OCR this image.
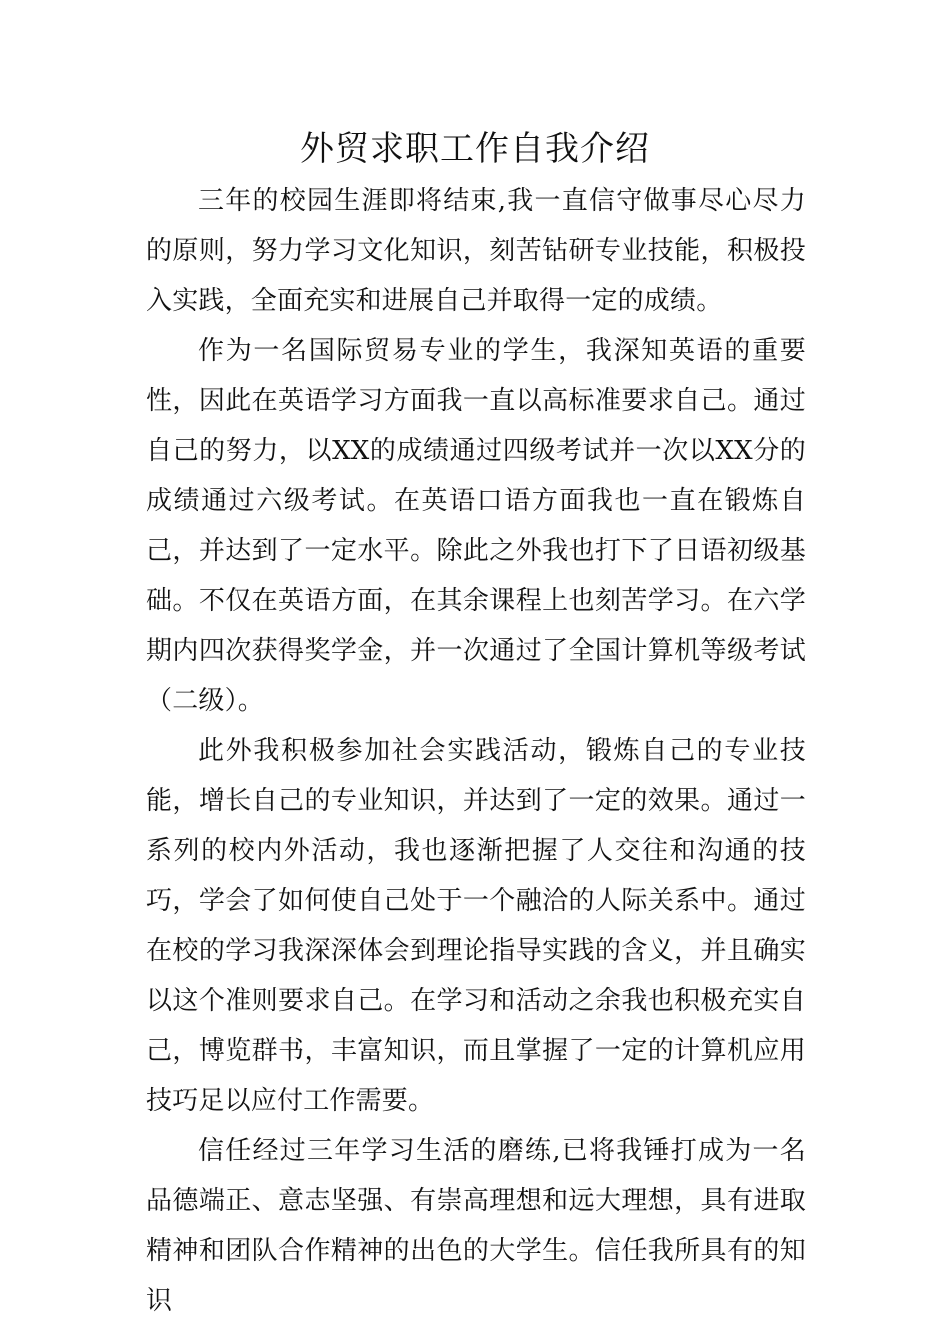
外贸求职工作自我介绍

三年的校园生涯即将结束,我一直信守做事尽心尽力的原则，努力学习文化知识，刻苦钻研专业技能，积极投入实践，全面充实和进展自己并取得一定的成绩。

作为一名国际贸易专业的学生，我深知英语的重要性，因此在英语学习方面我一直以高标准要求自己。通过自己的努力，以XX的成绩通过四级考试并一次以XX分的成绩通过六级考试。在英语口语方面我也一直在锻炼自己，并达到了一定水平。除此之外我也打下了日语初级基础。不仅在英语方面，在其余课程上也刻苦学习。在六学期内四次获得奖学金，并一次通过了全国计算机等级考试（二级）。

此外我积极参加社会实践活动，锻炼自己的专业技能，增长自己的专业知识，并达到了一定的效果。通过一系列的校内外活动，我也逐渐把握了人交往和沟通的技巧，学会了如何使自己处于一个融洽的人际关系中。通过在校的学习我深深体会到理论指导实践的含义，并且确实以这个准则要求自己。在学习和活动之余我也积极充实自己，博览群书，丰富知识，而且掌握了一定的计算机应用技巧足以应付工作需要。

信任经过三年学习生活的磨练,已将我锤打成为一名品德端正、意志坚强、有崇高理想和远大理想，具有进取精神和团队合作精神的出色的大学生。信任我所具有的知识
